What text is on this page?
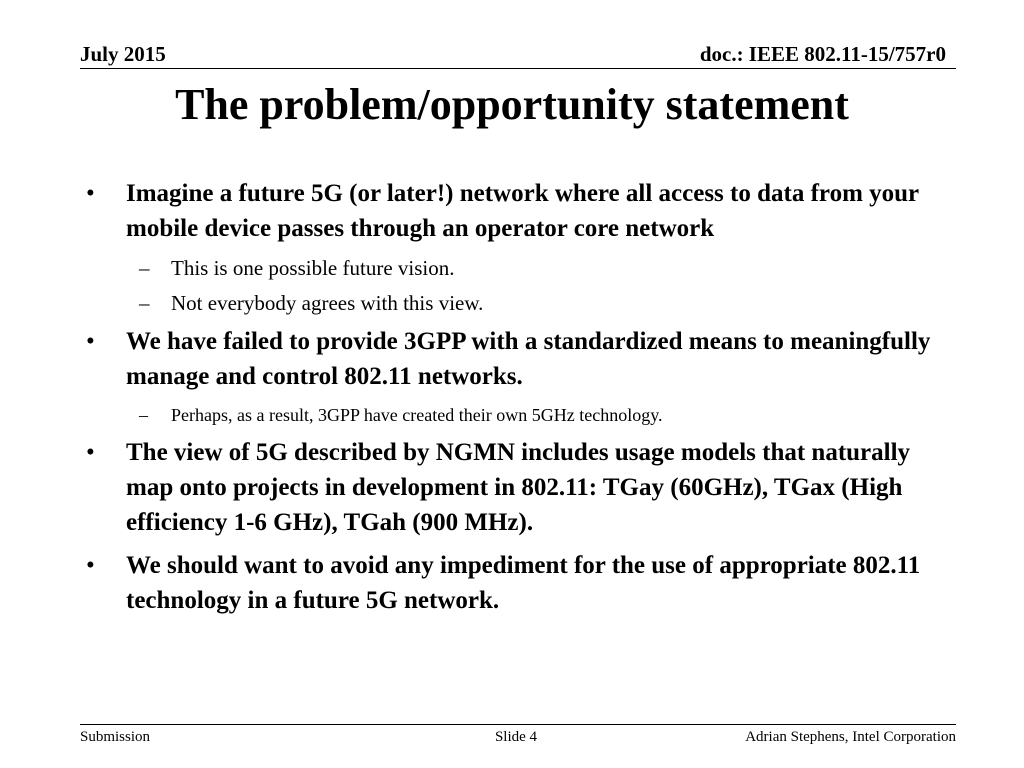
July 2015	doc.: IEEE 802.11-15/757r0
The problem/opportunity statement
• Imagine a future 5G (or later!) network where all access to data from your mobile device passes through an operator core network
– This is one possible future vision.
– Not everybody agrees with this view.
• We have failed to provide 3GPP with a standardized means to meaningfully manage and control 802.11 networks.
– Perhaps, as a result, 3GPP have created their own 5GHz technology.
• The view of 5G described by NGMN includes usage models that naturally map onto projects in development in 802.11: TGay (60GHz), TGax (High efficiency 1-6 GHz), TGah (900 MHz).
• We should want to avoid any impediment for the use of appropriate 802.11 technology in a future 5G network.
Submission	Slide 4	Adrian Stephens, Intel Corporation
